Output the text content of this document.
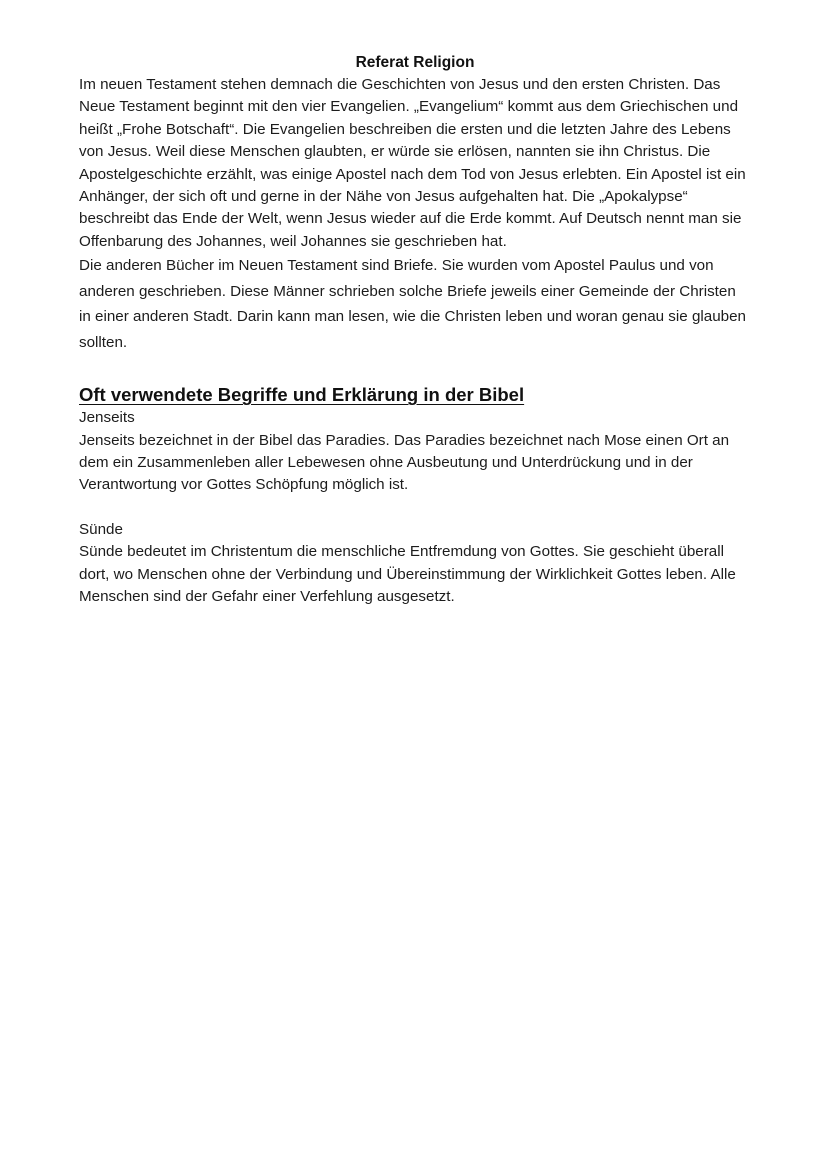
Referat Religion

Im neuen Testament stehen demnach die Geschichten von Jesus und den ersten Christen. Das Neue Testament beginnt mit den vier Evangelien. „Evangelium“ kommt aus dem Griechischen und heißt „Frohe Botschaft“. Die Evangelien beschreiben die ersten und die letzten Jahre des Lebens von Jesus. Weil diese Menschen glaubten, er würde sie erlösen, nannten sie ihn Christus. Die Apostelgeschichte erzählt, was einige Apostel nach dem Tod von Jesus erlebten. Ein Apostel ist ein Anhänger, der sich oft und gerne in der Nähe von Jesus aufgehalten hat. Die „Apokalypse“ beschreibt das Ende der Welt, wenn Jesus wieder auf die Erde kommt. Auf Deutsch nennt man sie Offenbarung des Johannes, weil Johannes sie geschrieben hat.

Die anderen Bücher im Neuen Testament sind Briefe. Sie wurden vom Apostel Paulus und von anderen geschrieben. Diese Männer schrieben solche Briefe jeweils einer Gemeinde der Christen in einer anderen Stadt. Darin kann man lesen, wie die Christen leben und woran genau sie glauben sollten.

Oft verwendete Begriffe und Erklärung in der Bibel

Jenseits

Jenseits bezeichnet in der Bibel das Paradies. Das Paradies bezeichnet nach Mose einen Ort an dem ein Zusammenleben aller Lebewesen ohne Ausbeutung und Unterdrückung und in der Verantwortung vor Gottes Schöpfung möglich ist.

Sünde

Sünde bedeutet im Christentum die menschliche Entfremdung von Gottes. Sie geschieht überall dort, wo Menschen ohne der Verbindung und Übereinstimmung der Wirklichkeit Gottes leben. Alle Menschen sind der Gefahr einer Verfehlung ausgesetzt.
